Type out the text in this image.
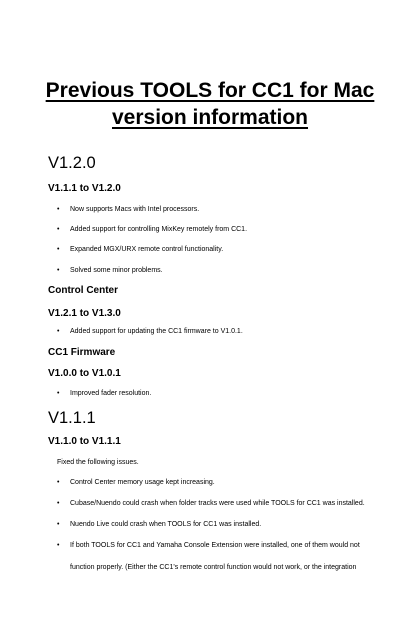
Previous TOOLS for CC1 for Mac
version information
V1.2.0
V1.1.1 to V1.2.0

• Now supports Macs with Intel processors.

• Added support for controlling MixKey remotely from CC1.

• Expanded MGX/URX remote control functionality.

• Solved some minor problems.

Control Center
V1.2.1 to V1.3.0

• Added support for updating the CC1 firmware to V1.0.1.

CC1 Firmware
V1.0.0 to V1.0.1

• Improved fader resolution.

V1.1.1
V1.1.0 to V1.1.1

Fixed the following issues.

• Control Center memory usage kept increasing.

• Cubase/Nuendo could crash when folder tracks were used while TOOLS for CC1 was installed.

• Nuendo Live could crash when TOOLS for CC1 was installed.

• If both TOOLS for CC1 and Yamaha Console Extension were installed, one of them would not

function properly. (Either the CC1's remote control function would not work, or the integration
